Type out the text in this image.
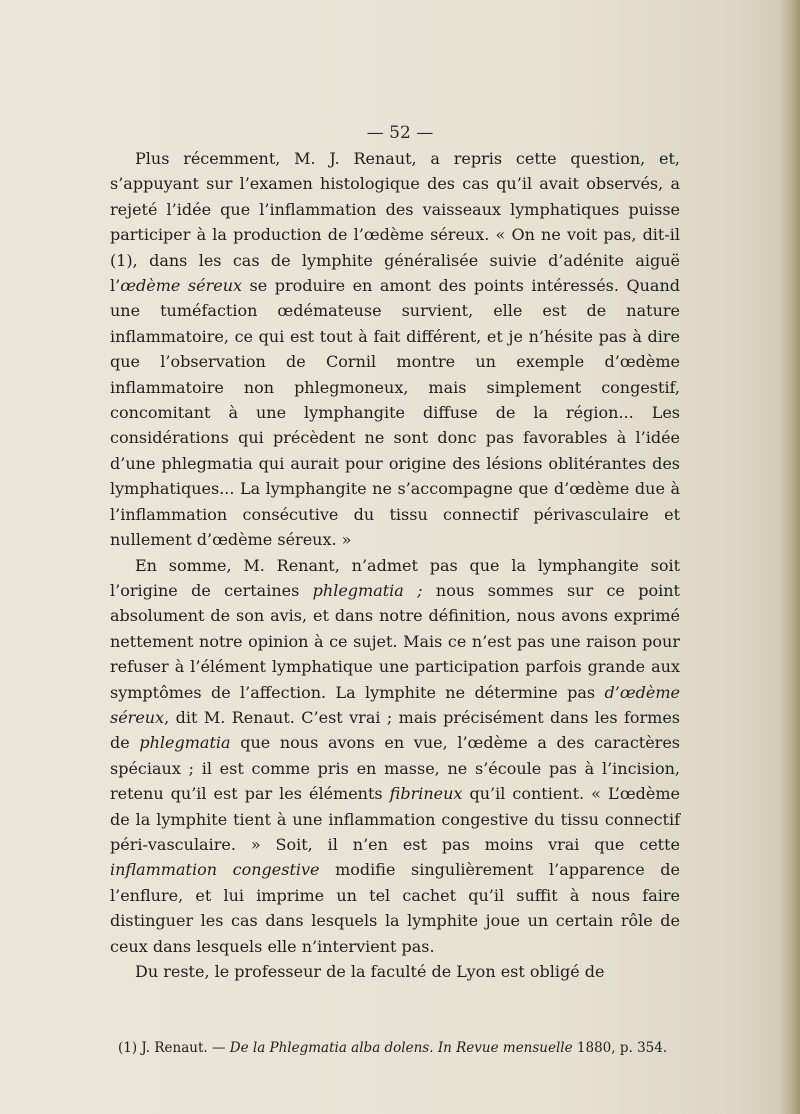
— 52 —

Plus récemment, M. J. Renaut, a repris cette question, et, s’appuyant sur l’examen histologique des cas qu’il avait observés, a rejeté l’idée que l’inflammation des vaisseaux lymphatiques puisse participer à la production de l’œdème séreux. « On ne voit pas, dit-il (1), dans les cas de lymphite généralisée suivie d’adénite aiguë l’œdème séreux se produire en amont des points intéressés. Quand une tuméfaction œdémateuse survient, elle est de nature inflammatoire, ce qui est tout à fait différent, et je n’hésite pas à dire que l’observation de Cornil montre un exemple d’œdème inflammatoire non phlegmoneux, mais simplement congestif, concomitant à une lymphangite diffuse de la région... Les considérations qui précèdent ne sont donc pas favorables à l’idée d’une phlegmatia qui aurait pour origine des lésions oblitérantes des lymphatiques... La lymphangite ne s’accompagne que d’œdème due à l’inflammation consécutive du tissu connectif périvasculaire et nullement d’œdème séreux. »

En somme, M. Renant, n’admet pas que la lymphangite soit l’origine de certaines phlegmatia ; nous sommes sur ce point absolument de son avis, et dans notre définition, nous avons exprimé nettement notre opinion à ce sujet. Mais ce n’est pas une raison pour refuser à l’élément lymphatique une participation parfois grande aux symptômes de l’affection. La lymphite ne détermine pas d’œdème séreux, dit M. Renaut. C’est vrai ; mais précisément dans les formes de phlegmatia que nous avons en vue, l’œdème a des caractères spéciaux ; il est comme pris en masse, ne s’écoule pas à l’incision, retenu qu’il est par les éléments fibrineux qu’il contient. « L’œdème de la lymphite tient à une inflammation congestive du tissu connectif péri-vasculaire. » Soit, il n’en est pas moins vrai que cette inflammation congestive modifie singulièrement l’apparence de l’enflure, et lui imprime un tel cachet qu’il suffit à nous faire distinguer les cas dans lesquels la lymphite joue un certain rôle de ceux dans lesquels elle n’intervient pas.

Du reste, le professeur de la faculté de Lyon est obligé de

(1) J. Renaut. — De la Phlegmatia alba dolens. In Revue mensuelle 1880, p. 354.
